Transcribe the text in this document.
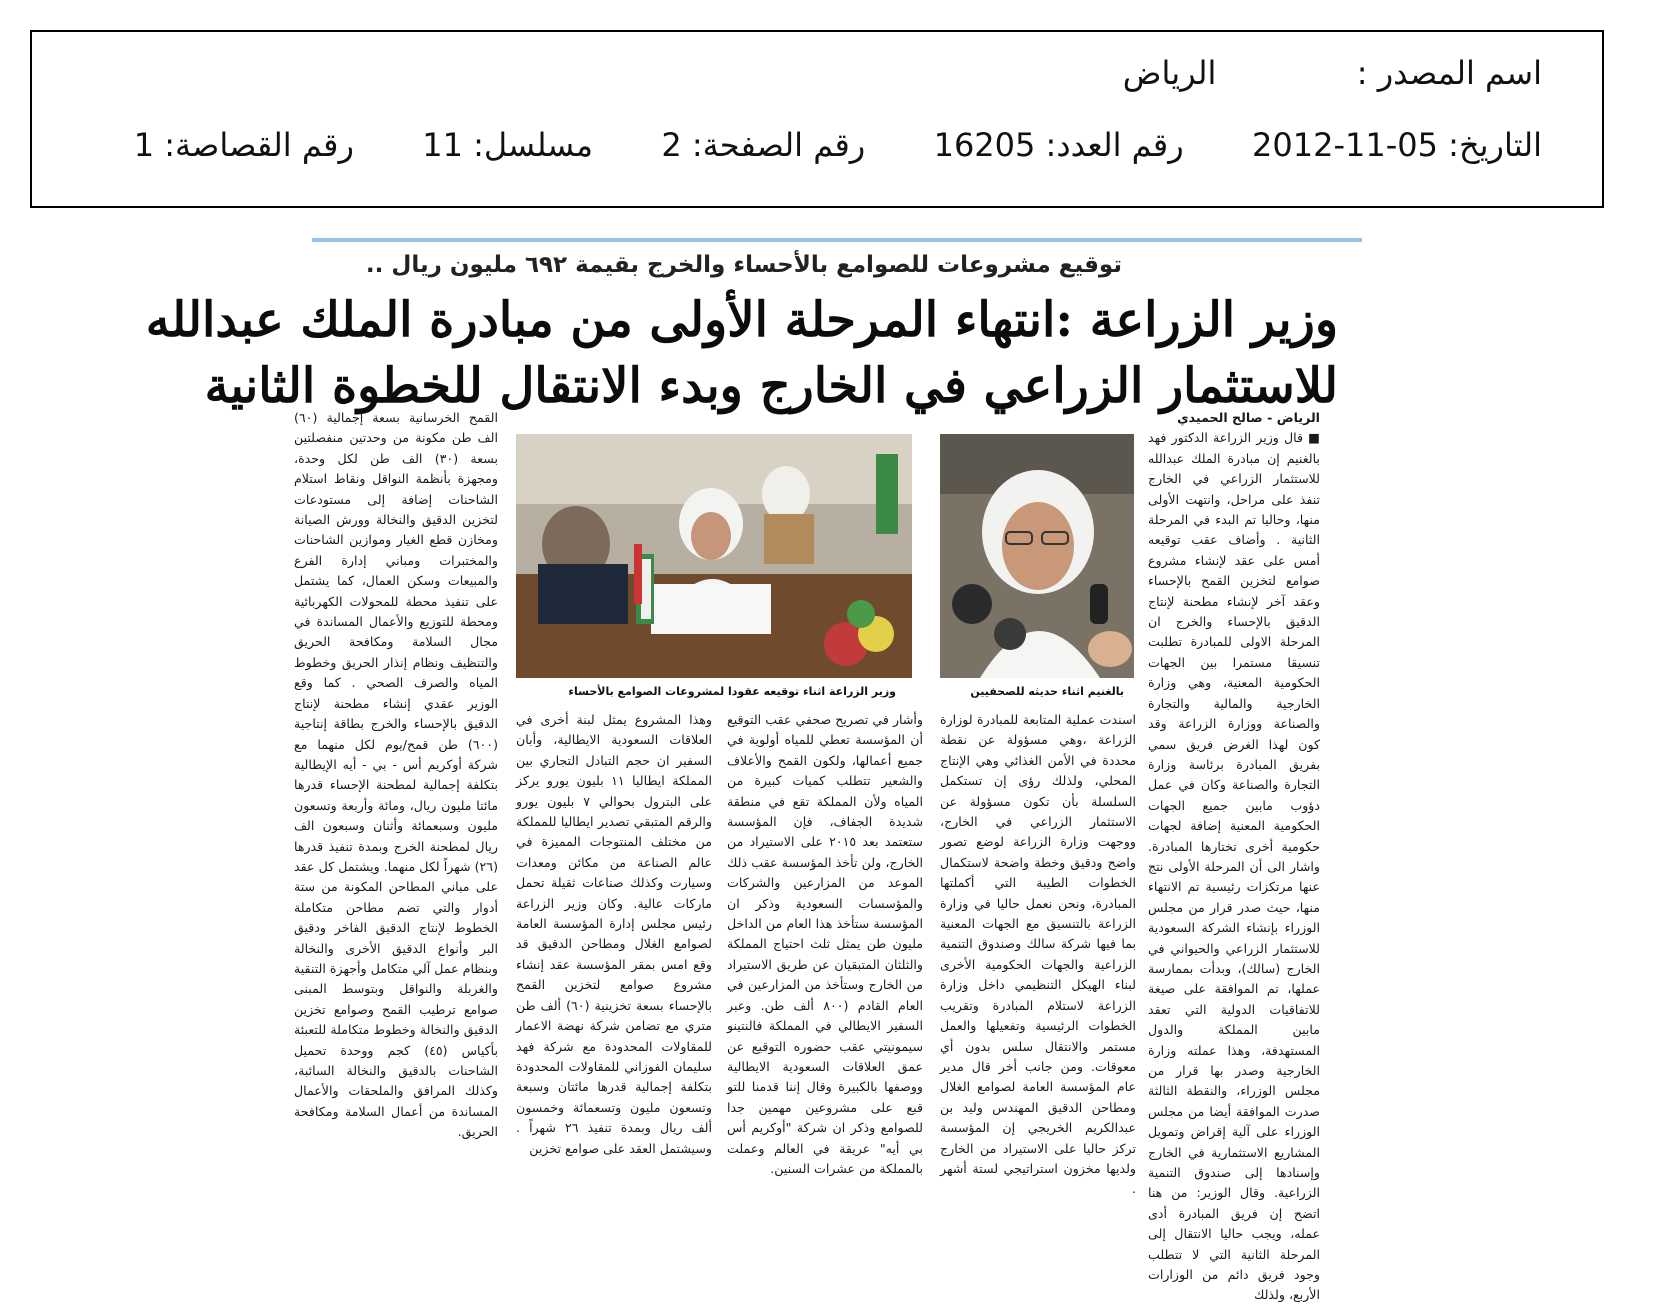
اسم المصدر :  الرياض
التاريخ: 2012-11-05  رقم العدد: 16205  رقم الصفحة: 2  مسلسل: 11  رقم القصاصة: 1
توقيع مشروعات للصوامع بالأحساء والخرج بقيمة ٦٩٢ مليون ريال ..
وزير الزراعة :انتهاء المرحلة الأولى من مبادرة الملك عبدالله
للاستثمار الزراعي في الخارج وبدء الانتقال للخطوة الثانية
بالغنيم اثناء حديثه للصحفيين
وزير الزراعة اثناء توقيعه عقودا لمشروعات الصوامع بالأحساء
الرياض - صالح الحميدي
■ قال وزير الزراعة الدكتور فهد بالغنيم إن مبادرة الملك عبدالله للاستثمار الزراعي في الخارج تنفذ على مراحل، وانتهت الأولى منها، وحاليا تم البدء في المرحلة الثانية . وأضاف عقب توقيعه أمس على عقد لإنشاء مشروع صوامع لتخزين القمح بالإحساء وعقد آخر لإنشاء مطحنة لإنتاج الدقيق بالإحساء والخرج ان المرحلة الاولى للمبادرة تطلبت تنسيقا مستمرا بين الجهات الحكومية المعنية، وهي وزارة الخارجية والمالية والتجارة والصناعة ووزارة الزراعة وقد كون لهذا الغرض فريق سمي بفريق المبادرة برئاسة وزارة التجارة والصناعة وكان في عمل دؤوب مابين جميع الجهات الحكومية المعنية إضافة لجهات حكومية أخرى تختارها المبادرة. واشار الى أن المرحلة الأولى نتج عنها مرتكزات رئيسية تم الانتهاء منها، حيث صدر قرار من مجلس الوزراء بإنشاء الشركة السعودية للاستثمار الزراعي والحيواني في الخارج (سالك)، وبدأت بممارسة عملها، تم الموافقة على صيغة للاتفاقيات الدولية التي تعقد مابين المملكة والدول المستهدفة، وهذا عملته وزارة الخارجية وصدر بها قرار من مجلس الوزراء، والنقطة الثالثة صدرت الموافقة أيضا من مجلس الوزراء على آلية إقراض وتمويل المشاريع الاستثمارية في الخارج وإسنادها إلى صندوق التنمية الزراعية. وقال الوزير: من هنا اتضح إن فريق المبادرة أدى عمله، ويجب حاليا الانتقال إلى المرحلة الثانية التي لا تتطلب وجود فريق دائم من الوزارات الأربع، ولذلك
اسندت عملية المتابعة للمبادرة لوزارة الزراعة ،وهي مسؤولة عن نقطة محددة في الأمن الغذائي وهي الإنتاج المحلي، ولذلك رؤى إن تستكمل السلسلة بأن تكون مسؤولة عن الاستثمار الزراعي في الخارج، ووجهت وزارة الزراعة لوضع تصور واضح ودقيق وخطة واضحة لاستكمال الخطوات الطيبة التي أكملتها المبادرة، ونحن نعمل حاليا في وزارة الزراعة بالتنسيق مع الجهات المعنية بما فيها شركة سالك وصندوق التنمية الزراعية والجهات الحكومية الأخرى لبناء الهيكل التنظيمي داخل وزارة الزراعة لاستلام المبادرة وتقريب الخطوات الرئيسية وتفعيلها والعمل مستمر والانتقال سلس بدون أي معوقات. ومن جانب أخر قال مدير عام المؤسسة العامة لصوامع الغلال ومطاحن الدقيق المهندس وليد بن عبدالكريم الخريجي إن المؤسسة تركز حاليا على الاستيراد من الخارج ولديها مخزون استراتيجي لستة أشهر .
وأشار في تصريح صحفي عقب التوقيع أن المؤسسة تعطي للمياه أولوية في جميع أعمالها، ولكون القمح والأعلاف والشعير تتطلب كميات كبيرة من المياه ولأن المملكة تقع في منطقة شديدة الجفاف، فإن المؤسسة ستعتمد بعد ٢٠١٥ على الاستيراد من الخارج، ولن تأخذ المؤسسة عقب ذلك الموعد من المزارعين والشركات والمؤسسات السعودية وذكر ان المؤسسة ستأخذ هذا العام من الداخل مليون طن يمثل ثلث احتياج المملكة والثلثان المتبقيان عن طريق الاستيراد من الخارج وستأخذ من المزارعين في العام القادم (٨٠٠ ألف طن. وعبر السفير الايطالي في المملكة فالنتينو سيمونيتي عقب حضوره التوقيع عن عمق العلاقات السعودية الايطالية ووصفها بالكبيرة وقال إننا قدمنا للتو قبع على مشروعين مهمين جدا للصوامع وذكر ان شركة "أوكريم أس بي أيه" عريقة في العالم وعملت بالمملكة من عشرات السنين.
وهذا المشروع يمثل لبنة أخرى في العلاقات السعودية الايطالية، وأبان السفير ان حجم التبادل التجاري بين المملكة ايطاليا ١١ بليون يورو يركز على البترول بحوالي ٧ بليون يورو والرقم المتبقي تصدير ايطاليا للمملكة من مختلف المنتوجات المميزة في عالم الصناعة من مكائن ومعدات وسيارت وكذلك صناعات ثقيلة تحمل ماركات عالية. وكان وزير الزراعة رئيس مجلس إدارة المؤسسة العامة لصوامع الغلال ومطاحن الدقيق قد وقع امس بمقر المؤسسة عقد إنشاء مشروع صوامع لتخزين القمح بالإحساء بسعة تخزينية (٦٠) ألف طن متري مع تضامن شركة نهضة الاعمار للمقاولات المحدودة مع شركة فهد سليمان الفوزاني للمقاولات المحدودة بتكلفة إجمالية قدرها مائتان وسبعة وتسعون مليون وتسعمائة وخمسون ألف ريال وبمدة تنفيذ ٢٦ شهراً . وسيشتمل العقد على صوامع تخزين
القمح الخرسانية بسعة إجمالية (٦٠) الف طن مكونة من وحدتين منفصلتين بسعة (٣٠) الف طن لكل وحدة، ومجهزة بأنظمة النواقل ونقاط استلام الشاحنات إضافة إلى مستودعات لتخزين الدقيق والنخالة وورش الصيانة ومخازن قطع الغيار وموازين الشاحنات والمختبرات ومباني إدارة الفرع والمبيعات وسكن العمال، كما يشتمل على تنفيذ محطة للمحولات الكهربائية ومحطة للتوزيع والأعمال المساندة في مجال السلامة ومكافحة الحريق والتنظيف ونظام إنذار الحريق وخطوط المياه والصرف الصحي . كما وقع الوزير عقدي إنشاء مطحنة لإنتاج الدقيق بالإحساء والخرج بطاقة إنتاجية (٦٠٠) طن قمح/يوم لكل منهما مع شركة أوكريم أس - بي - أيه الإيطالية بتكلفة إجمالية لمطحنة الإحساء قدرها مائتا مليون ريال، ومائة وأربعة وتسعون مليون وسبعمائة وأثنان وسبعون الف ريال لمطحنة الخرج وبمدة تنفيذ قدرها (٢٦) شهراً لكل منهما. ويشتمل كل عقد على مباني المطاحن المكونة من ستة أدوار والتي تضم مطاحن متكاملة الخطوط لإنتاج الدقيق الفاخر ودقيق البر وأنواع الدقيق الأخرى والنخالة وبنظام عمل آلي متكامل وأجهزة التنقية والغربلة والنواقل وبتوسط المبنى صوامع ترطيب القمح وصوامع تخزين الدقيق والنخالة وخطوط متكاملة للتعبئة بأكياس (٤٥) كجم ووحدة تحميل الشاحنات بالدقيق والنخالة السائبة، وكذلك المرافق والملحقات والأعمال المساندة من أعمال السلامة ومكافحة الحريق.
